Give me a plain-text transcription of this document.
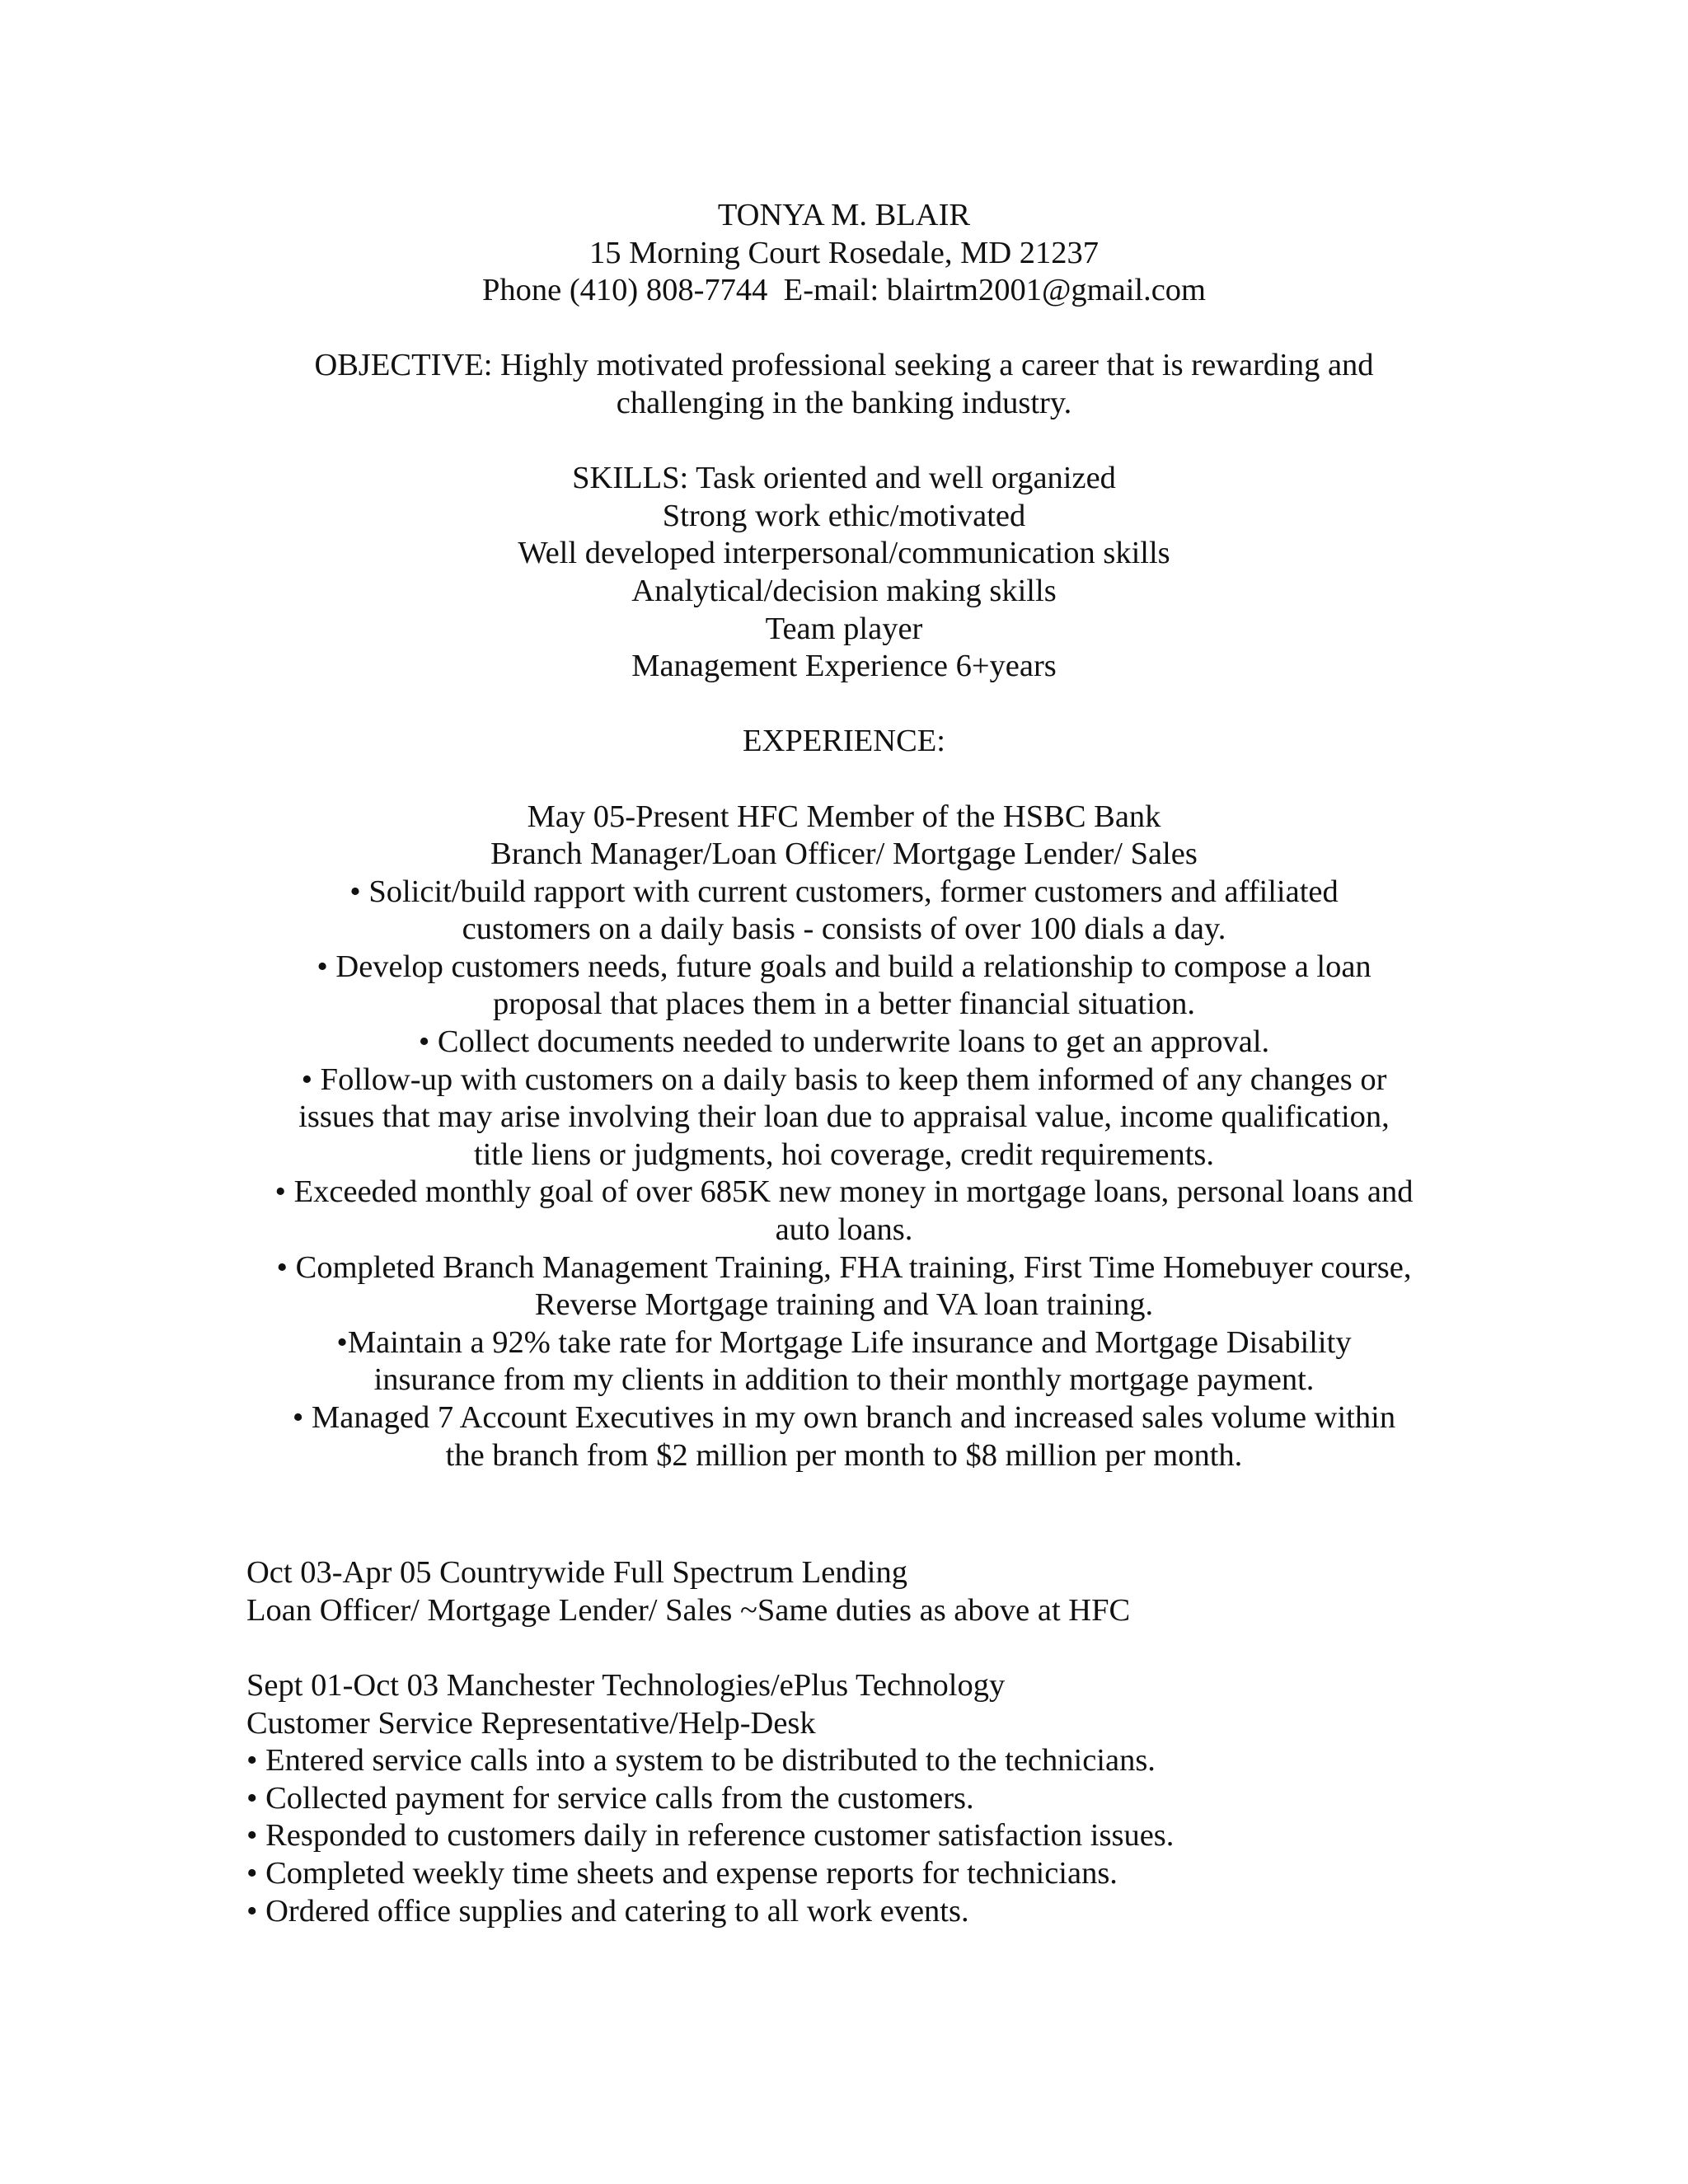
TONYA M. BLAIR
15 Morning Court Rosedale, MD 21237
Phone (410) 808-7744  E-mail: blairtm2001@gmail.com
OBJECTIVE: Highly motivated professional seeking a career that is rewarding and
challenging in the banking industry.
SKILLS: Task oriented and well organized
Strong work ethic/motivated
Well developed interpersonal/communication skills
Analytical/decision making skills
Team player
Management Experience 6+years
EXPERIENCE:
May 05-Present HFC Member of the HSBC Bank
Branch Manager/Loan Officer/ Mortgage Lender/ Sales
• Solicit/build rapport with current customers, former customers and affiliated
customers on a daily basis - consists of over 100 dials a day.
• Develop customers needs, future goals and build a relationship to compose a loan
proposal that places them in a better financial situation.
• Collect documents needed to underwrite loans to get an approval.
• Follow-up with customers on a daily basis to keep them informed of any changes or
issues that may arise involving their loan due to appraisal value, income qualification,
title liens or judgments, hoi coverage, credit requirements.
• Exceeded monthly goal of over 685K new money in mortgage loans, personal loans and
auto loans.
• Completed Branch Management Training, FHA training, First Time Homebuyer course,
Reverse Mortgage training and VA loan training.
•Maintain a 92% take rate for Mortgage Life insurance and Mortgage Disability
insurance from my clients in addition to their monthly mortgage payment.
• Managed 7 Account Executives in my own branch and increased sales volume within
the branch from $2 million per month to $8 million per month.
Oct 03-Apr 05 Countrywide Full Spectrum Lending
Loan Officer/ Mortgage Lender/ Sales ~Same duties as above at HFC
Sept 01-Oct 03 Manchester Technologies/ePlus Technology
Customer Service Representative/Help-Desk
• Entered service calls into a system to be distributed to the technicians.
• Collected payment for service calls from the customers.
• Responded to customers daily in reference customer satisfaction issues.
• Completed weekly time sheets and expense reports for technicians.
• Ordered office supplies and catering to all work events.
